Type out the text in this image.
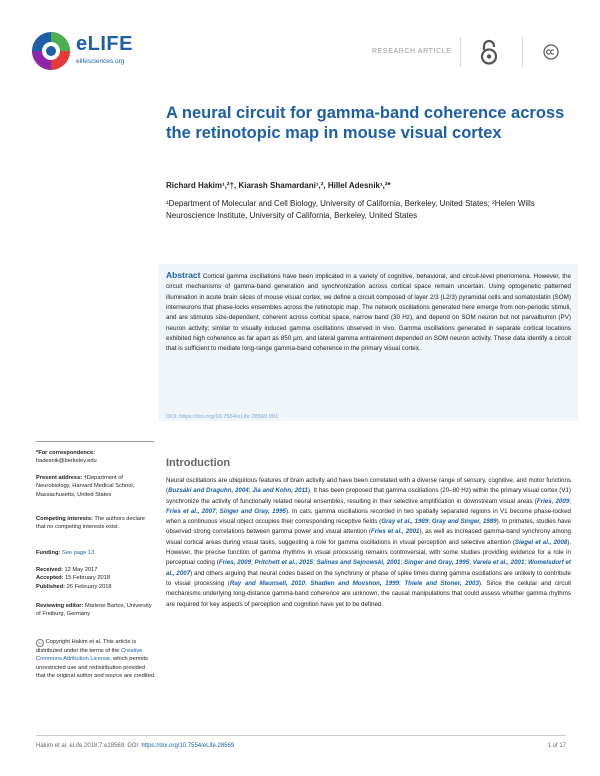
eLIFE
elifesciences.org
RESEARCH ARTICLE
A neural circuit for gamma-band coherence across the retinotopic map in mouse visual cortex
Richard Hakim¹,²†, Kiarash Shamardani¹,², Hillel Adesnik¹,²*
¹Department of Molecular and Cell Biology, University of California, Berkeley, United States; ²Helen Wills Neuroscience Institute, University of California, Berkeley, United States
Abstract Cortical gamma oscillations have been implicated in a variety of cognitive, behavioral, and circuit-level phenomena. However, the circuit mechanisms of gamma-band generation and synchronization across cortical space remain uncertain. Using optogenetic patterned illumination in acute brain slices of mouse visual cortex, we define a circuit composed of layer 2/3 (L2/3) pyramidal cells and somatostatin (SOM) interneurons that phase-locks ensembles across the retinotopic map. The network oscillations generated here emerge from non-periodic stimuli, and are stimulus size-dependent, coherent across cortical space, narrow band (30 Hz), and depend on SOM neuron but not parvalbumin (PV) neuron activity; similar to visually induced gamma oscillations observed in vivo. Gamma oscillations generated in separate cortical locations exhibited high coherence as far apart as 850 µm, and lateral gamma entrainment depended on SOM neuron activity. These data identify a circuit that is sufficient to mediate long-range gamma-band coherence in the primary visual cortex.
DOI: https://doi.org/10.7554/eLife.28569.001
*For correspondence:
hadesnik@berkeley.edu
Present address: †Department of Neurobiology, Harvard Medical School, Massachusetts, United States
Competing interests: The authors declare that no competing interests exist.
Funding: See page 13
Received: 12 May 2017
Accepted: 15 February 2018
Published: 26 February 2018
Reviewing editor: Marlene Bartos, University of Freiburg, Germany
cc Copyright Hakim et al. This article is distributed under the terms of the Creative Commons Attribution License, which permits unrestricted use and redistribution provided that the original author and source are credited.
Introduction
Neural oscillations are ubiquitous features of brain activity and have been correlated with a diverse range of sensory, cognitive, and motor functions (Buzsáki and Draguhn, 2004; Jia and Kohn, 2011). It has been proposed that gamma oscillations (20–80 Hz) within the primary visual cortex (V1) synchronize the activity of functionally related neural ensembles, resulting in their selective amplification in downstream visual areas (Fries, 2009; Fries et al., 2007; Singer and Gray, 1995). In cats, gamma oscillations recorded in two spatially separated regions in V1 become phase-locked when a continuous visual object occupies their corresponding receptive fields (Gray et al., 1989; Gray and Singer, 1989). In primates, studies have observed strong correlations between gamma power and visual attention (Fries et al., 2001), as well as increased gamma-band synchrony among visual cortical areas during visual tasks, suggesting a role for gamma oscillations in visual perception and selective attention (Siegel et al., 2008). However, the precise function of gamma rhythms in visual processing remains controversial, with some studies providing evidence for a role in perceptual coding (Fries, 2009; Pritchett et al., 2015; Salinas and Sejnowski, 2001; Singer and Gray, 1995; Varela et al., 2001; Womelsdorf et al., 2007) and others arguing that neural codes based on the synchrony or phase of spike times during gamma oscillations are unlikely to contribute to visual processing (Ray and Maunsell, 2010; Shadlen and Movshon, 1999; Thiele and Stoner, 2003). Since the cellular and circuit mechanisms underlying long-distance gamma-band coherence are unknown, the causal manipulations that could assess whether gamma rhythms are required for key aspects of perception and cognition have yet to be defined.
Hakim et al. eLife 2018;7:e28569. DOI: https://doi.org/10.7554/eLife.28569	1 of 17
